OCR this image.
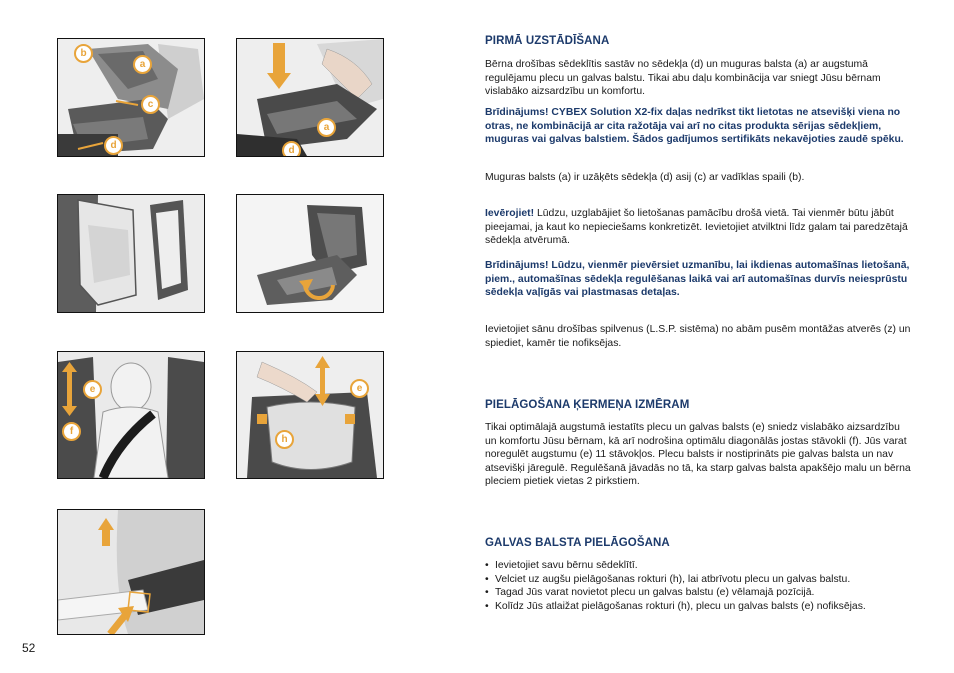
b
a
c
d
a
d
e
f
e
h
52
PIRMĀ UZSTĀDĪŠANA

Bērna drošības sēdeklītis sastāv no sēdekļa (d) un muguras balsta (a) ar augstumā regulējamu plecu un galvas balstu. Tikai abu daļu kombinācija var sniegt Jūsu bērnam vislabāko aizsardzību un komfortu.

Brīdinājums! CYBEX Solution X2-fix daļas nedrīkst tikt lietotas ne atsevišķi viena no otras, ne kombinācijā ar cita ražotāja vai arī no citas produkta sērijas sēdekļiem, muguras vai galvas balstiem. Šādos gadījumos sertifikāts nekavējoties zaudē spēku.

Muguras balsts (a) ir uzāķēts sēdekļa (d) asij (c) ar vadīklas spaili (b).

Ievērojiet! Lūdzu, uzglabājiet šo lietošanas pamācību drošā vietā. Tai vienmēr būtu jābūt pieejamai, ja kaut ko nepieciešams konkretizēt. Ievietojiet atvilktni līdz galam tai paredzētajā sēdekļa atvērumā.

Brīdinājums! Lūdzu, vienmēr pievērsiet uzmanību, lai ikdienas automašīnas lietošanā, piem., automašīnas sēdekļa regulēšanas laikā vai arī automašīnas durvīs neiesprūstu sēdekļa vaļīgās vai plastmasas detaļas.

Ievietojiet sānu drošības spilvenus (L.S.P. sistēma) no abām pusēm montāžas atverēs (z) un spiediet, kamēr tie nofiksējas.

PIELĀGOŠANA ĶERMEŅA IZMĒRAM

Tikai optimālajā augstumā iestatīts plecu un galvas balsts (e) sniedz vislabāko aizsardzību un komfortu Jūsu bērnam, kā arī nodrošina optimālu diagonālās jostas stāvokli (f). Jūs varat noregulēt augstumu (e) 11 stāvokļos. Plecu balsts ir nostiprināts pie galvas balsta un nav atsevišķi jāregulē. Regulēšanā jāvadās no tā, ka starp galvas balsta apakšējo malu un bērna pleciem pietiek vietas 2 pirkstiem.

GALVAS BALSTA PIELĀGOŠANA
• Ievietojiet savu bērnu sēdeklītī.
• Velciet uz augšu pielāgošanas rokturi (h), lai atbrīvotu plecu un galvas balstu.
• Tagad Jūs varat novietot plecu un galvas balstu (e) vēlamajā pozīcijā.
• Kolīdz Jūs atlaižat pielāgošanas rokturi (h), plecu un galvas balsts (e) nofiksējas.
